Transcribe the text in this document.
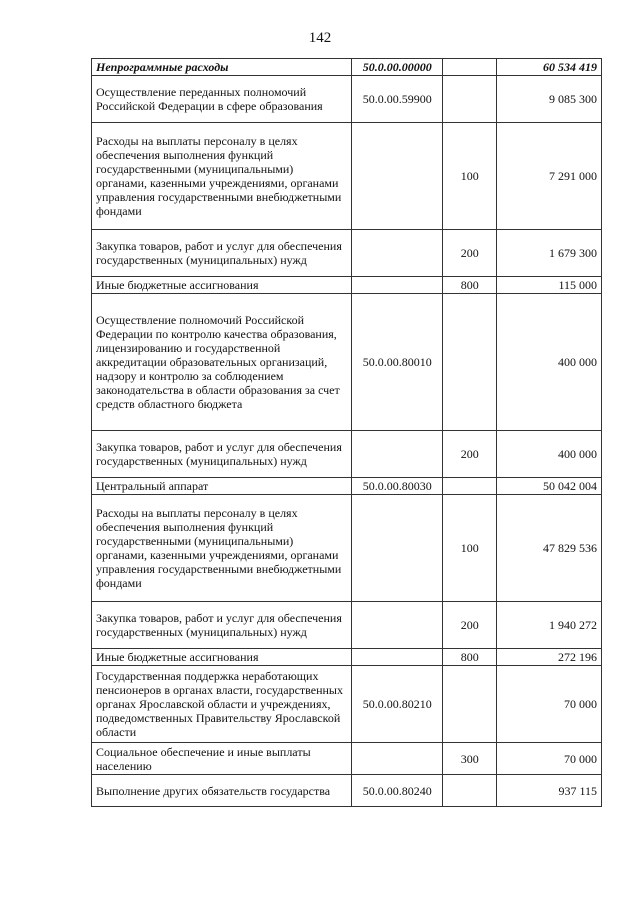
142
Непрограммные расходы	50.0.00.00000		60 534 419
Осуществление переданных полномочий Российской Федерации в сфере образования	50.0.00.59900		9 085 300
Расходы на выплаты персоналу в целях обеспечения выполнения функций государственными (муниципальными) органами, казенными учреждениями, органами управления государственными внебюджетными фондами		100	7 291 000
Закупка товаров, работ и услуг для обеспечения государственных (муниципальных) нужд		200	1 679 300
Иные бюджетные ассигнования		800	115 000
Осуществление полномочий Российской Федерации по контролю качества образования, лицензированию и государственной аккредитации образовательных организаций, надзору и контролю за соблюдением законодательства в области образования за счет средств областного бюджета	50.0.00.80010		400 000
Закупка товаров, работ и услуг для обеспечения государственных (муниципальных) нужд		200	400 000
Центральный аппарат	50.0.00.80030		50 042 004
Расходы на выплаты персоналу в целях обеспечения выполнения функций государственными (муниципальными) органами, казенными учреждениями, органами управления государственными внебюджетными фондами		100	47 829 536
Закупка товаров, работ и услуг для обеспечения государственных (муниципальных) нужд		200	1 940 272
Иные бюджетные ассигнования		800	272 196
Государственная поддержка неработающих пенсионеров в органах власти, государственных органах Ярославской области и учреждениях, подведомственных Правительству Ярославской области	50.0.00.80210		70 000
Социальное обеспечение и иные выплаты населению		300	70 000
Выполнение других обязательств государства	50.0.00.80240		937 115
